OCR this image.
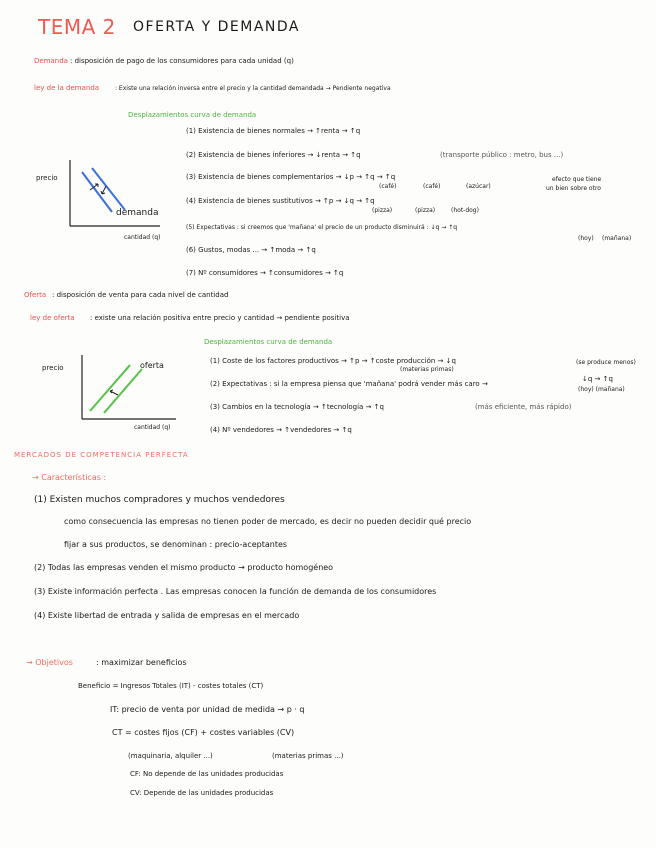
TEMA 2 OFERTA Y DEMANDA
Demanda : disposición de pago de los consumidores para cada unidad (q)
ley de la demanda	: Existe una relación inversa entre el precio y la cantidad demandada → Pendiente negativa
Desplazamientos curva de demanda
(1) Existencia de bienes normales → ↑renta → ↑q
(2) Existencia de bienes inferiores → ↓renta → ↑q	(transporte público : metro, bus ...)
(3) Existencia de bienes complementarios → ↓p → ↑q → ↑q
(café)	(café)	(azúcar)
efecto que tiene
un bien sobre otro
(4) Existencia de bienes sustitutivos → ↑p → ↓q → ↑q
(pizza)	(pizza)	(hot-dog)
(5) Expectativas : si creemos que 'mañana' el precio de un producto disminuirá : ↓q → ↑q
(hoy) (mañana)
(6) Gustos, modas ... → ↑moda → ↑q
(7) Nº consumidores → ↑consumidores → ↑q
precio
demanda
cantidad (q)
Oferta : disposición de venta para cada nivel de cantidad
ley de oferta : existe una relación positiva entre precio y cantidad → pendiente positiva
Desplazamientos curva de demanda
(1) Coste de los factores productivos → ↑p → ↑coste producción → ↓q
(materias primas)
(se produce menos)
(2) Expectativas : si la empresa piensa que 'mañana' podrá vender más caro →
↓q → ↑q
(hoy) (mañana)
(3) Cambios en la tecnología → ↑tecnología → ↑q	(más eficiente, más rápido)
(4) Nº vendedores → ↑vendedores → ↑q
precio	oferta
cantidad (q)
MERCADOS DE COMPETENCIA PERFECTA
→ Características :
(1) Existen muchos compradores y muchos vendedores
como consecuencia las empresas no tienen poder de mercado, es decir no pueden decidir qué precio
fijar a sus productos, se denominan : precio-aceptantes
(2) Todas las empresas venden el mismo producto → producto homogéneo
(3) Existe información perfecta . Las empresas conocen la función de demanda de los consumidores
(4) Existe libertad de entrada y salida de empresas en el mercado
→ Objetivos	: maximizar beneficios
Beneficio = Ingresos Totales (IT) - costes totales (CT)
IT: precio de venta por unidad de medida → p · q
CT = costes fijos (CF) + costes variables (CV)
(maquinaria, alquiler ...)	(materias primas ...)
CF: No depende de las unidades producidas
CV: Depende de las unidades producidas
